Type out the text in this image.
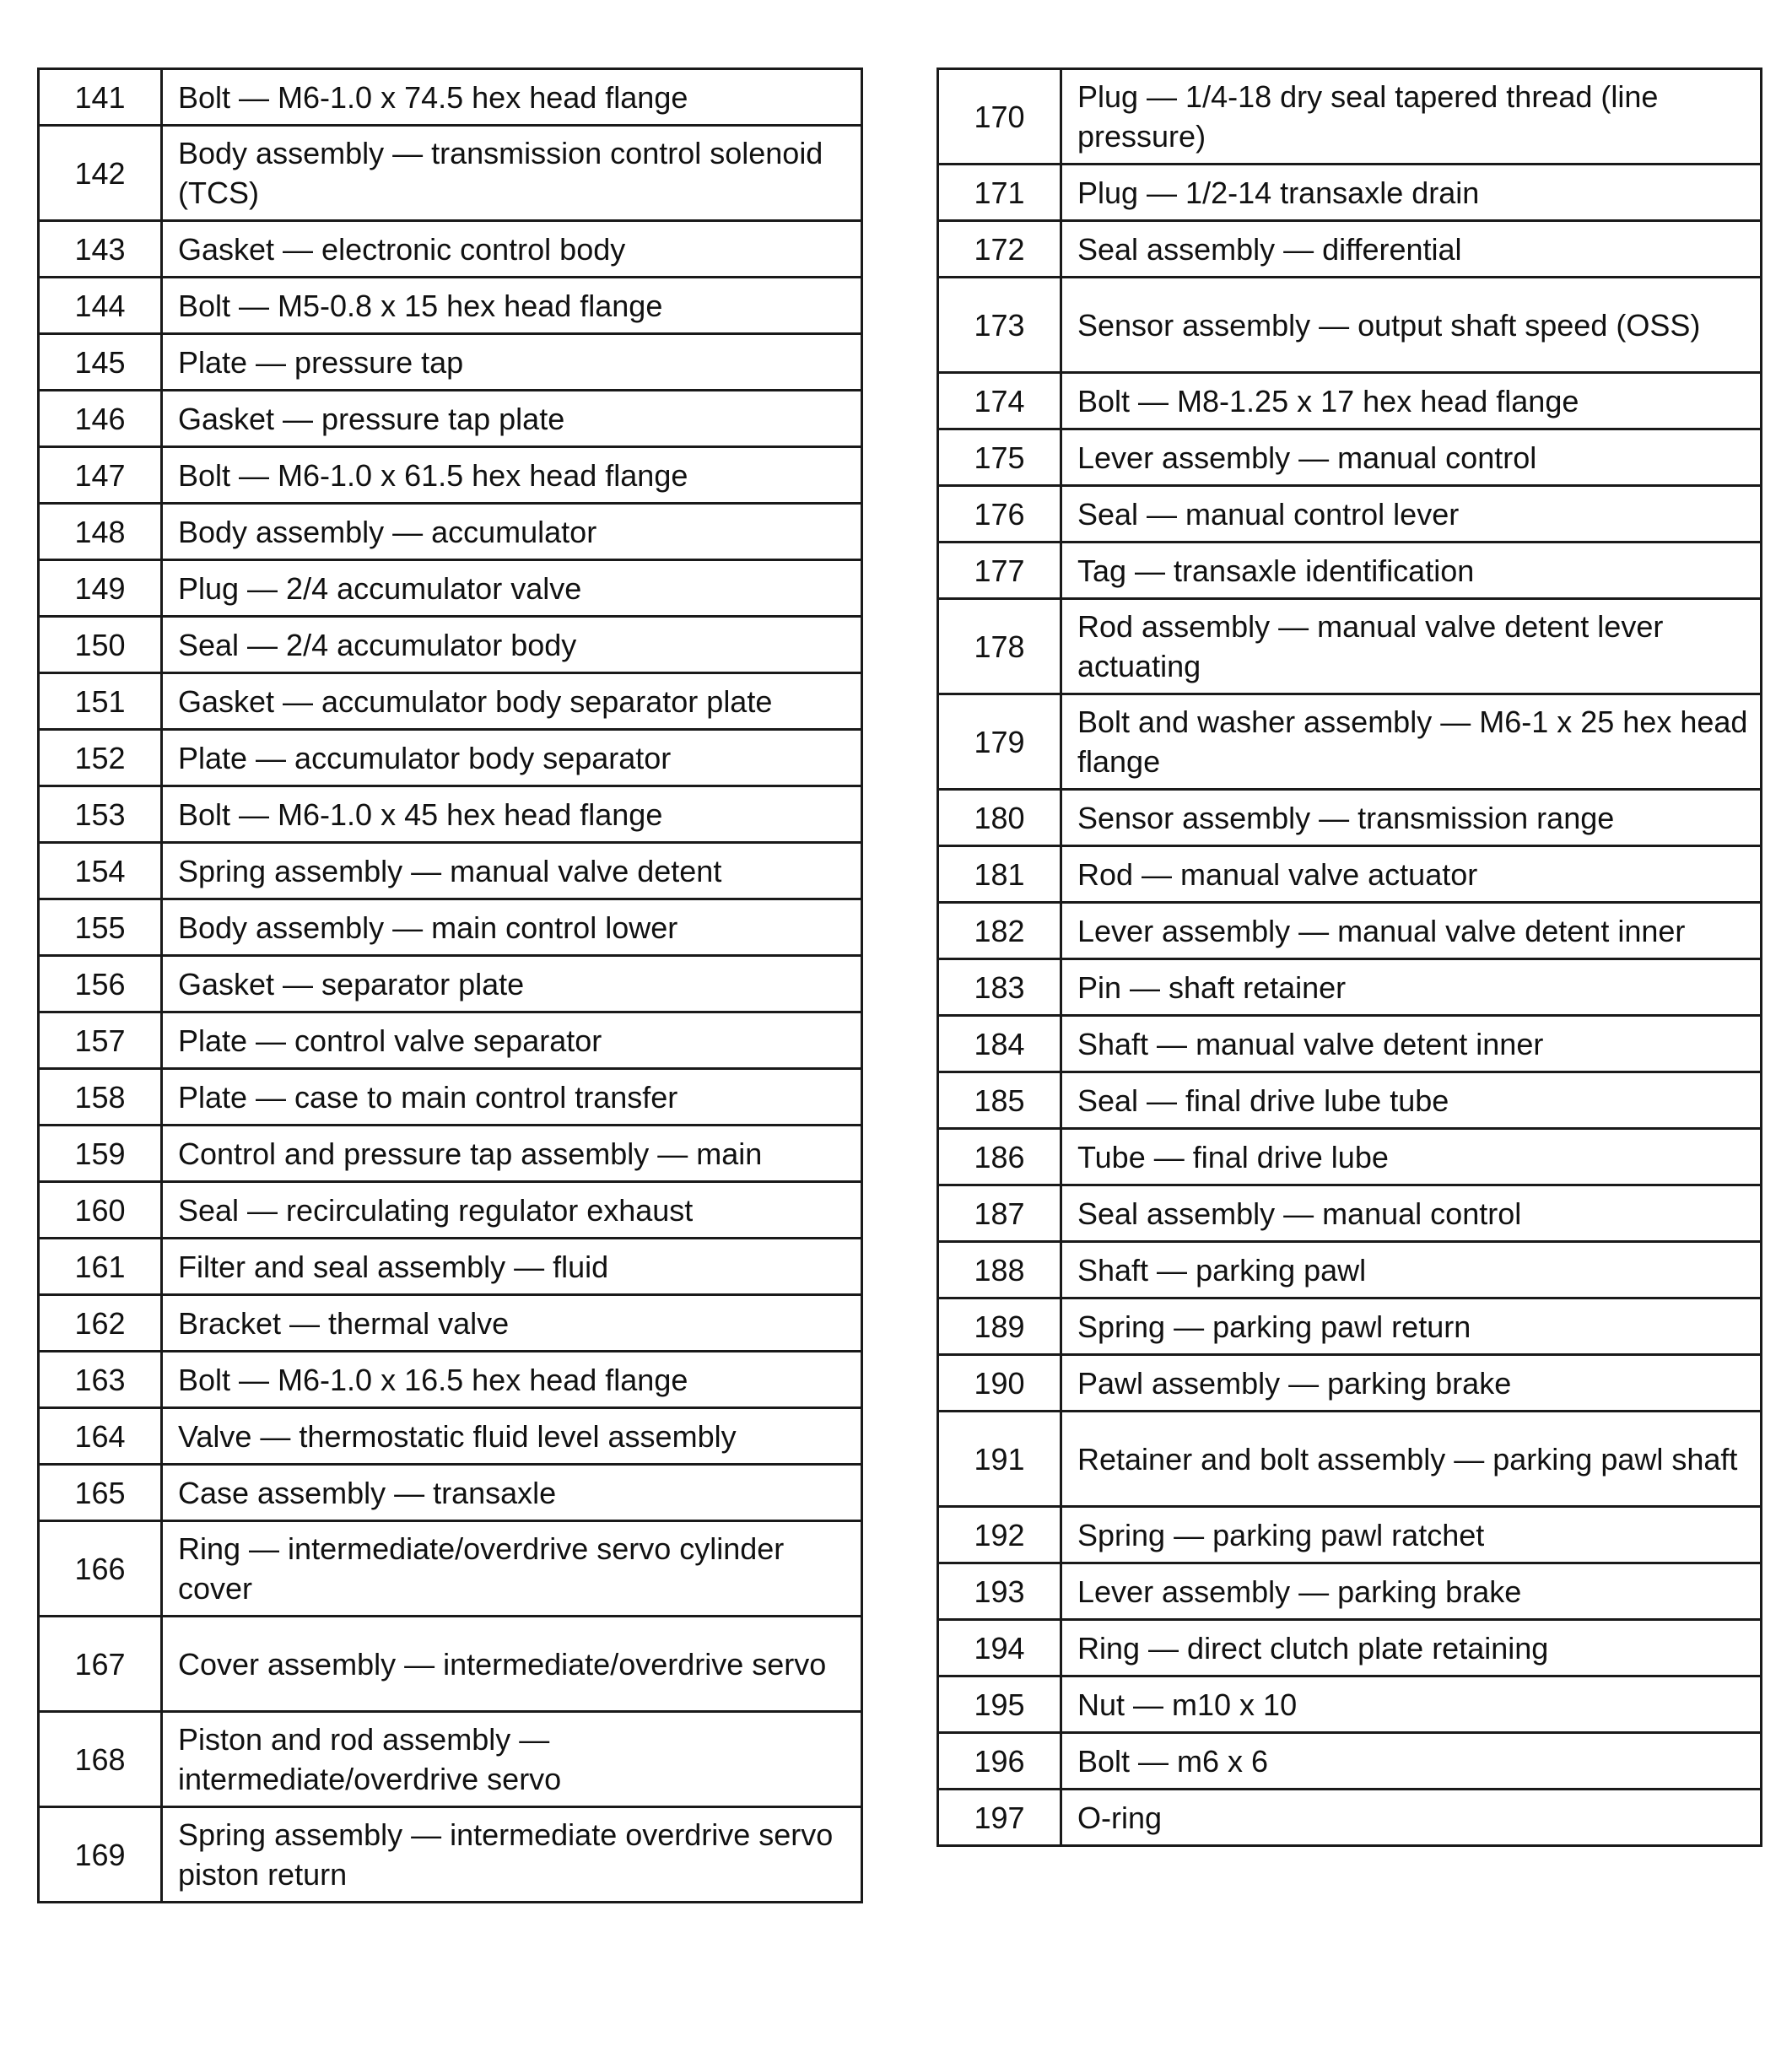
141	Bolt — M6-1.0 x 74.5 hex head flange
142	Body assembly — transmission control solenoid (TCS)
143	Gasket — electronic control body
144	Bolt — M5-0.8 x 15 hex head flange
145	Plate — pressure tap
146	Gasket — pressure tap plate
147	Bolt — M6-1.0 x 61.5 hex head flange
148	Body assembly — accumulator
149	Plug — 2/4 accumulator valve
150	Seal — 2/4 accumulator body
151	Gasket — accumulator body separator plate
152	Plate — accumulator body separator
153	Bolt — M6-1.0 x 45 hex head flange
154	Spring assembly — manual valve detent
155	Body assembly — main control lower
156	Gasket — separator plate
157	Plate — control valve separator
158	Plate — case to main control transfer
159	Control and pressure tap assembly — main
160	Seal — recirculating regulator exhaust
161	Filter and seal assembly — fluid
162	Bracket — thermal valve
163	Bolt — M6-1.0 x 16.5 hex head flange
164	Valve — thermostatic fluid level assembly
165	Case assembly — transaxle
166	Ring — intermediate/overdrive servo cylinder cover
167	Cover assembly — intermediate/overdrive servo
168	Piston and rod assembly — intermediate/overdrive servo
169	Spring assembly — intermediate overdrive servo piston return
170	Plug — 1/4-18 dry seal tapered thread (line pressure)
171	Plug — 1/2-14 transaxle drain
172	Seal assembly — differential
173	Sensor assembly — output shaft speed (OSS)
174	Bolt — M8-1.25 x 17 hex head flange
175	Lever assembly — manual control
176	Seal — manual control lever
177	Tag — transaxle identification
178	Rod assembly — manual valve detent lever actuating
179	Bolt and washer assembly — M6-1 x 25 hex head flange
180	Sensor assembly — transmission range
181	Rod — manual valve actuator
182	Lever assembly — manual valve detent inner
183	Pin — shaft retainer
184	Shaft — manual valve detent inner
185	Seal — final drive lube tube
186	Tube — final drive lube
187	Seal assembly — manual control
188	Shaft — parking pawl
189	Spring — parking pawl return
190	Pawl assembly — parking brake
191	Retainer and bolt assembly — parking pawl shaft
192	Spring — parking pawl ratchet
193	Lever assembly — parking brake
194	Ring — direct clutch plate retaining
195	Nut — m10 x 10
196	Bolt — m6 x 6
197	O-ring
